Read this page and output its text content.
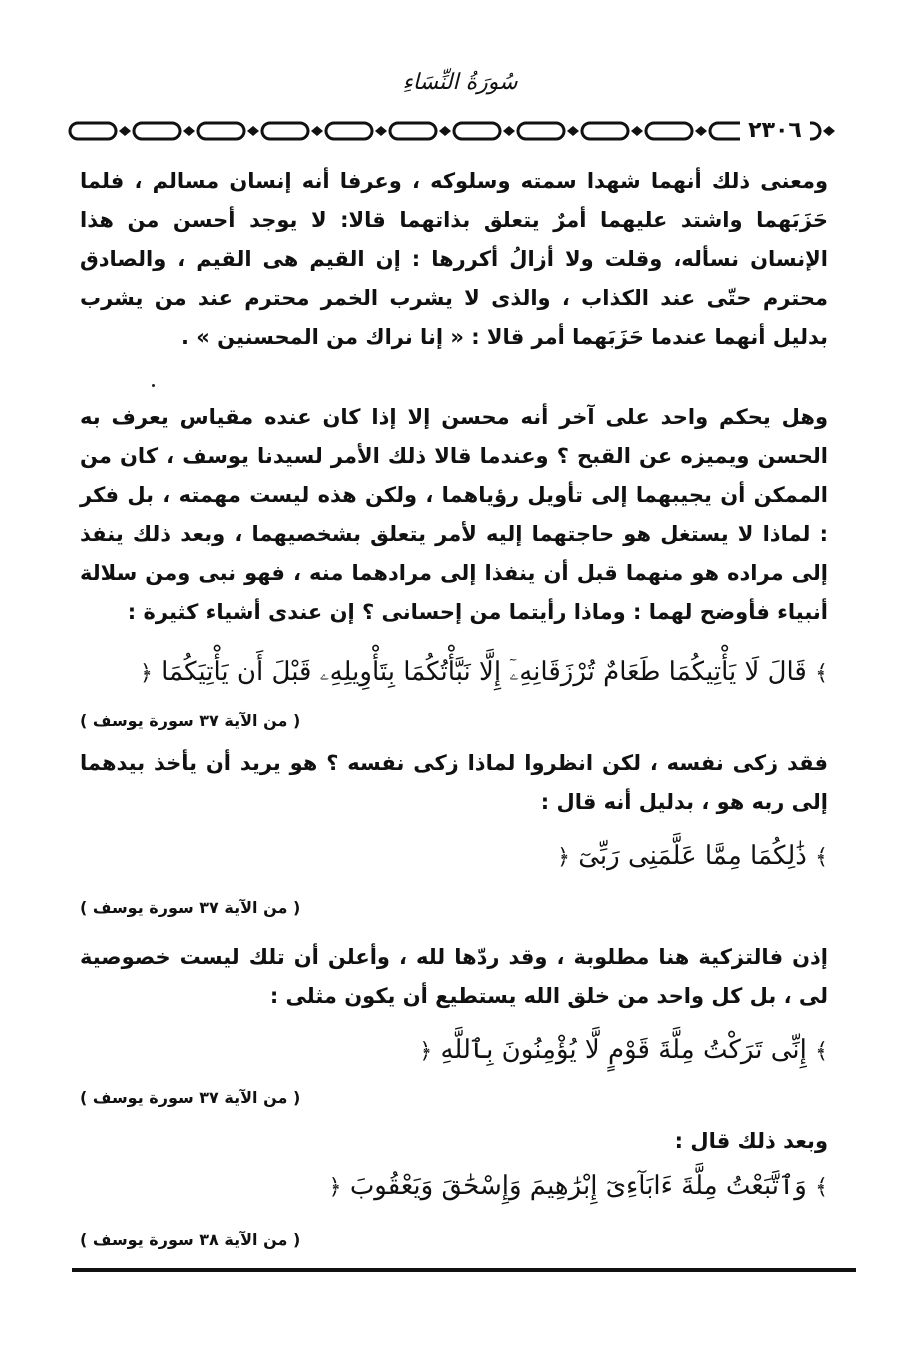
سُورَةُ النِّسَاءِ
٢٣٠٦

ومعنى ذلك أنهما شهدا سمته وسلوكه ، وعرفا أنه إنسان مسالم ، فلما حَزَبَهما واشتد عليهما أمرٌ يتعلق بذاتهما قالا: لا يوجد أحسن من هذا الإنسان نسأله، وقلت ولا أزالُ أكررها : إن القيم هى القيم ، والصادق محترم حتّى عند الكذاب ، والذى لا يشرب الخمر محترم عند من يشرب بدليل أنهما عندما حَزَبَهما أمر قالا : « إنا نراك من المحسنين » .

وهل يحكم واحد على آخر أنه محسن إلا إذا كان عنده مقياس يعرف به الحسن ويميزه عن القبح ؟ وعندما قالا ذلك الأمر لسيدنا يوسف ، كان من الممكن أن يجيبهما إلى تأويل رؤياهما ، ولكن هذه ليست مهمته ، بل فكر : لماذا لا يستغل هو حاجتهما إليه لأمر يتعلق بشخصيهما ، وبعد ذلك ينفذ إلى مراده هو منهما قبل أن ينفذا إلى مرادهما منه ، فهو نبى ومن سلالة أنبياء فأوضح لهما : وماذا رأيتما من إحسانى ؟ إن عندى أشياء كثيرة :

﴾ قَالَ لَا يَأْتِيكُمَا طَعَامٌ تُرْزَقَانِهِۦٓ إِلَّا نَبَّأْتُكُمَا بِتَأْوِيلِهِۦ قَبْلَ أَن يَأْتِيَكُمَا ﴿
( من الآية ٣٧ سورة يوسف )

فقد زكى نفسه ، لكن انظروا لماذا زكى نفسه ؟ هو يريد أن يأخذ بيدهما إلى ربه هو ، بدليل أنه قال :

﴾ ذَٰلِكُمَا مِمَّا عَلَّمَنِى رَبِّىٓ ﴿
( من الآية ٣٧ سورة يوسف )

إذن فالتزكية هنا مطلوبة ، وقد ردّها لله ، وأعلن أن تلك ليست خصوصية لى ، بل كل واحد من خلق الله يستطيع أن يكون مثلى :

﴾ إِنِّى تَرَكْتُ مِلَّةَ قَوْمٍ لَّا يُؤْمِنُونَ بِٱللَّهِ ﴿
( من الآية ٣٧ سورة يوسف )

وبعد ذلك قال :

﴾ وَٱتَّبَعْتُ مِلَّةَ ءَابَآءِىٓ إِبْرَٰهِيمَ وَإِسْحَٰقَ وَيَعْقُوبَ ﴿
( من الآية ٣٨ سورة يوسف )
